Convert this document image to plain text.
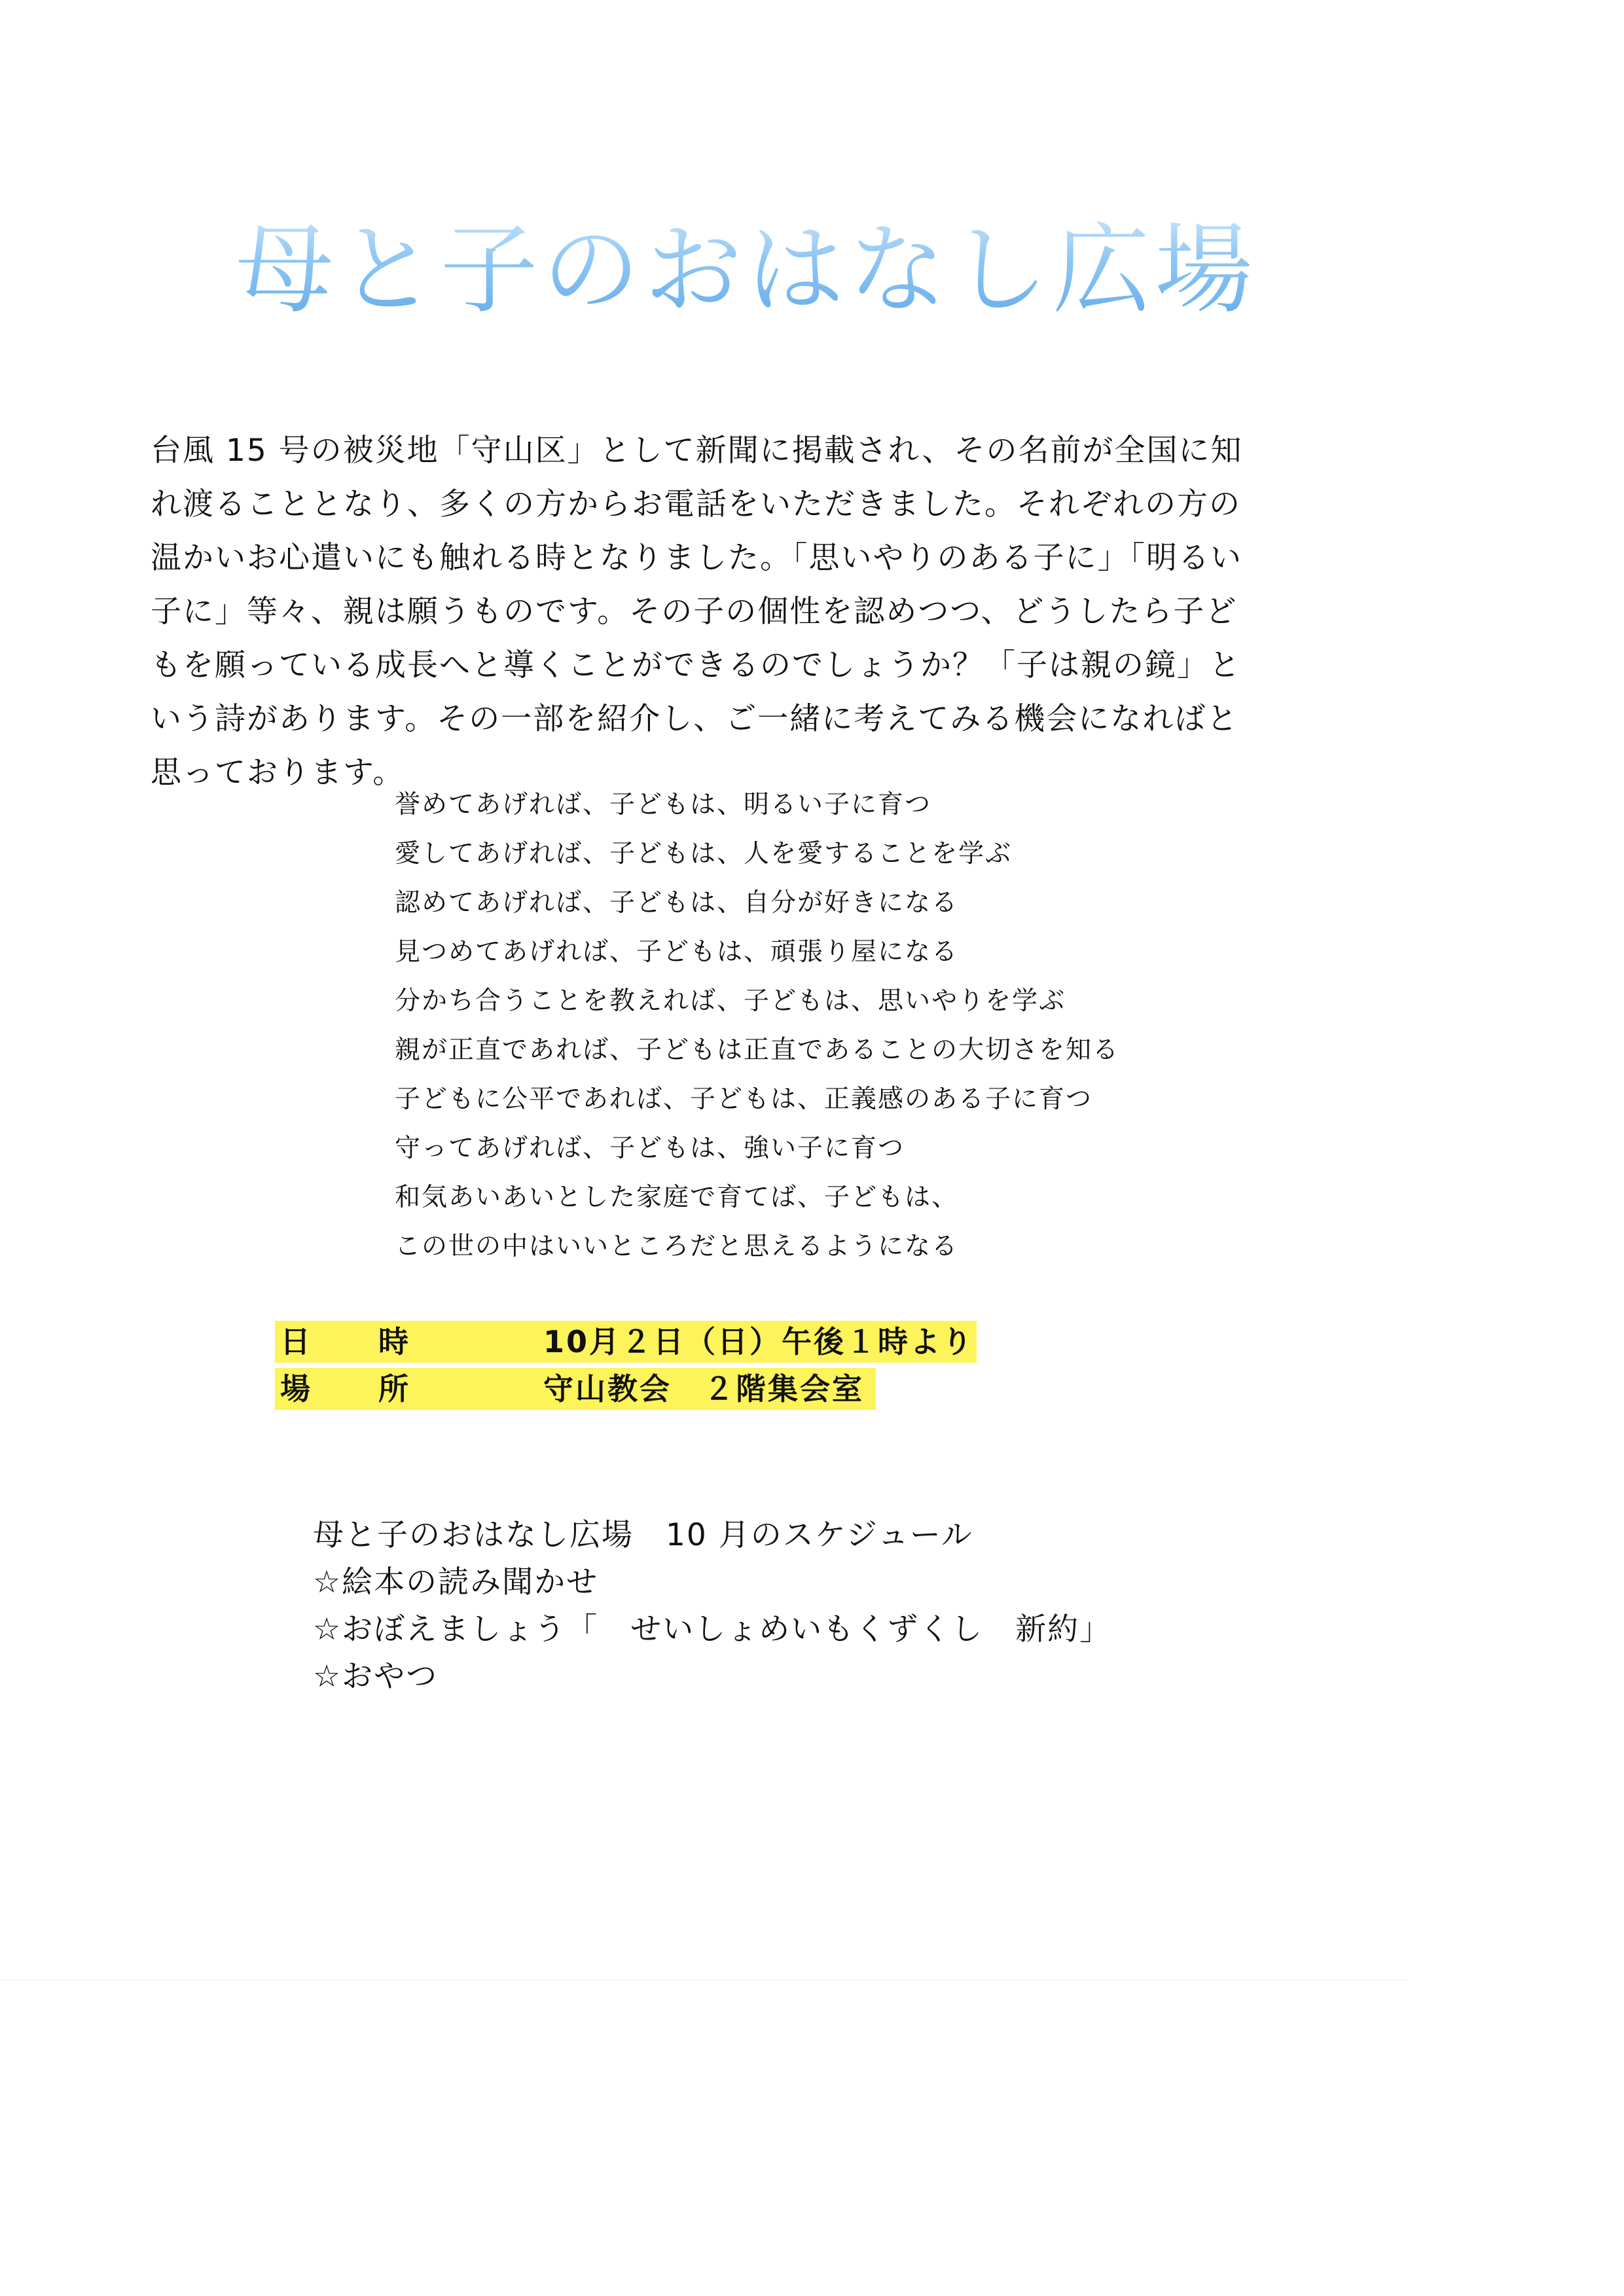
母と子のおはなし広場
台風 15 号の被災地「守山区」として新聞に掲載され、その名前が全国に知
れ渡ることとなり、多くの方からお電話をいただきました。それぞれの方の
温かいお心遣いにも触れる時となりました。「思いやりのある子に」「明るい
子に」等々、親は願うものです。その子の個性を認めつつ、どうしたら子ど
もを願っている成長へと導くことができるのでしょうか？「子は親の鏡」と
いう詩があります。その一部を紹介し、ご一緒に考えてみる機会になればと
思っております。
誉めてあげれば、子どもは、明るい子に育つ
愛してあげれば、子どもは、人を愛することを学ぶ
認めてあげれば、子どもは、自分が好きになる
見つめてあげれば、子どもは、頑張り屋になる
分かち合うことを教えれば、子どもは、思いやりを学ぶ
親が正直であれば、子どもは正直であることの大切さを知る
子どもに公平であれば、子どもは、正義感のある子に育つ
守ってあげれば、子どもは、強い子に育つ
和気あいあいとした家庭で育てば、子どもは、
この世の中はいいところだと思えるようになる
日時 10月２日（日）午後１時より
場所 守山教会　２階集会室
母と子のおはなし広場　10 月のスケジュール
☆絵本の読み聞かせ
☆おぼえましょう「　せいしょめいもくずくし　新約」
☆おやつ
